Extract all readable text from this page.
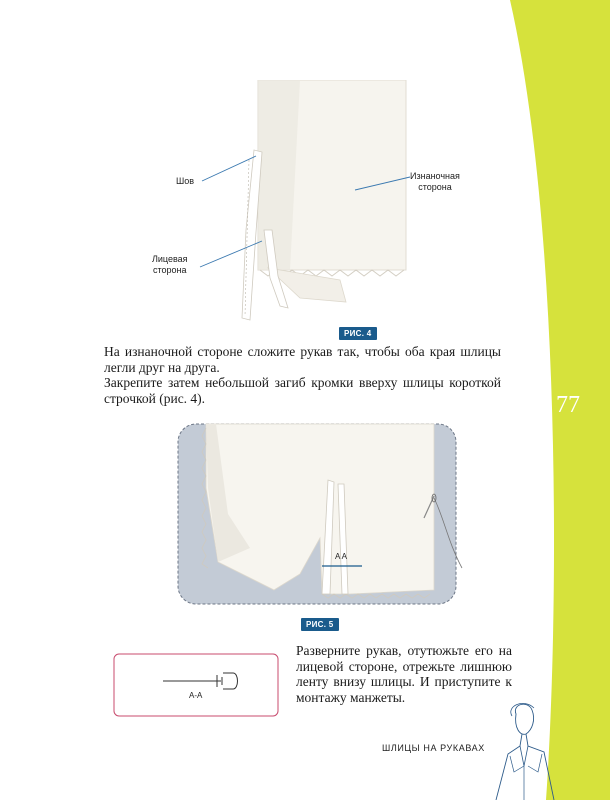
77
Шов	Изнаночная
сторона
Лицевая
сторона
РИС. 4

На изнаночной стороне сложите рукав так, чтобы оба края шлицы легли друг на друга.

Закрепите затем небольшой загиб кромки вверху шлицы короткой строчкой (рис. 4).

A A
РИС. 5
A-A
Разверните рукав, отутюжьте его на лицевой стороне, отрежьте лишнюю ленту внизу шлицы. И приступите к монтажу манжеты.
ШЛИЦЫ НА РУКАВАХ
